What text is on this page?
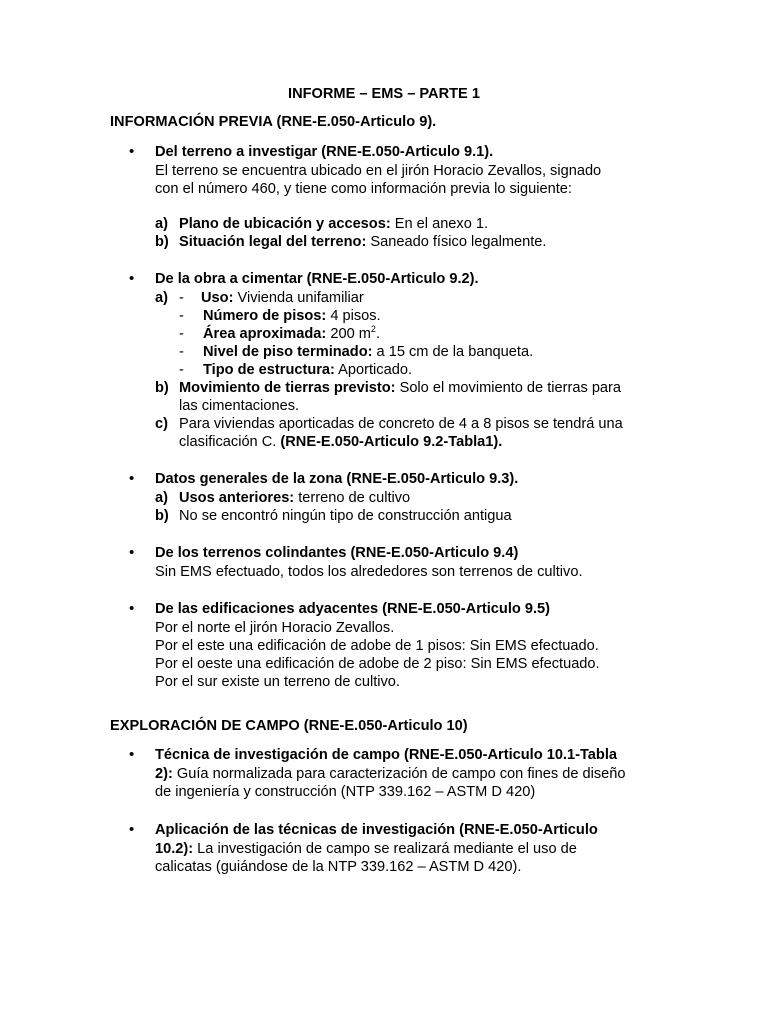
INFORME – EMS – PARTE 1
INFORMACIÓN PREVIA (RNE-E.050-Articulo 9).
• Del terreno a investigar (RNE-E.050-Articulo 9.1).
El terreno se encuentra ubicado en el jirón Horacio Zevallos, signado
con el número 460, y tiene como información previa lo siguiente:
a) Plano de ubicación y accesos: En el anexo 1.
b) Situación legal del terreno: Saneado físico legalmente.
• De la obra a cimentar (RNE-E.050-Articulo 9.2).
a) - Uso: Vivienda unifamiliar
- Número de pisos: 4 pisos.
- Área aproximada: 200 $m^2$.
- Nivel de piso terminado: a 15 cm de la banqueta.
- Tipo de estructura: Aporticado.
b) Movimiento de tierras previsto: Solo el movimiento de tierras para
las cimentaciones.
c) Para viviendas aporticadas de concreto de 4 a 8 pisos se tendrá una
clasificación C. (RNE-E.050-Articulo 9.2-Tabla1).
• Datos generales de la zona (RNE-E.050-Articulo 9.3).
a) Usos anteriores: terreno de cultivo
b) No se encontró ningún tipo de construcción antigua
• De los terrenos colindantes (RNE-E.050-Articulo 9.4)
Sin EMS efectuado, todos los alrededores son terrenos de cultivo.
• De las edificaciones adyacentes (RNE-E.050-Articulo 9.5)
Por el norte el jirón Horacio Zevallos.
Por el este una edificación de adobe de 1 pisos: Sin EMS efectuado.
Por el oeste una edificación de adobe de 2 piso: Sin EMS efectuado.
Por el sur existe un terreno de cultivo.
EXPLORACIÓN DE CAMPO (RNE-E.050-Articulo 10)
• Técnica de investigación de campo (RNE-E.050-Articulo 10.1-Tabla
2): Guía normalizada para caracterización de campo con fines de diseño
de ingeniería y construcción (NTP 339.162 – ASTM D 420)
• Aplicación de las técnicas de investigación (RNE-E.050-Articulo
10.2): La investigación de campo se realizará mediante el uso de
calicatas (guiándose de la NTP 339.162 – ASTM D 420).
